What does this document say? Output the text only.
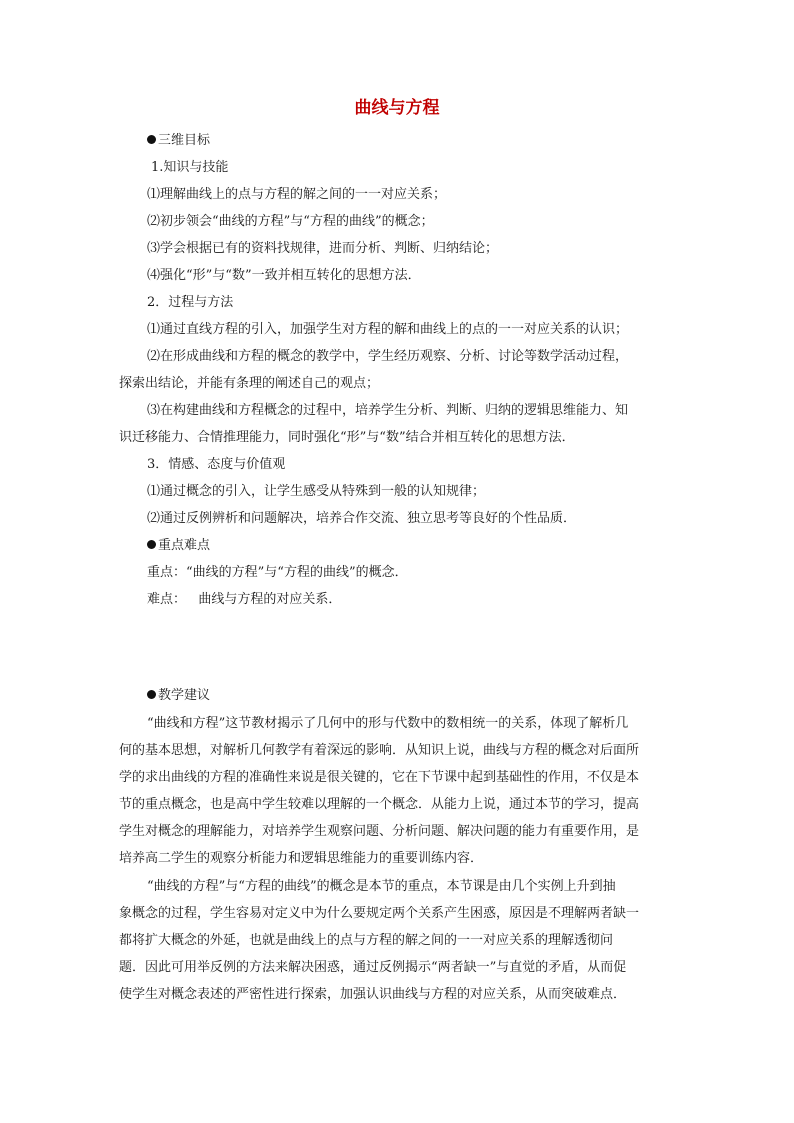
曲线与方程
三维目标
1.知识与技能
⑴理解曲线上的点与方程的解之间的一一对应关系；
⑵初步领会“曲线的方程”与“方程的曲线”的概念；
⑶学会根据已有的资料找规律，进而分析、判断、归纳结论；
⑷强化“形”与“数”一致并相互转化的思想方法．
2．过程与方法
⑴通过直线方程的引入，加强学生对方程的解和曲线上的点的一一对应关系的认识；
⑵在形成曲线和方程的概念的教学中，学生经历观察、分析、讨论等数学活动过程，
探索出结论，并能有条理的阐述自己的观点；
⑶在构建曲线和方程概念的过程中，培养学生分析、判断、归纳的逻辑思维能力、知
识迁移能力、合情推理能力，同时强化“形”与“数”结合并相互转化的思想方法．
3．情感、态度与价值观
⑴通过概念的引入，让学生感受从特殊到一般的认知规律；
⑵通过反例辨析和问题解决，培养合作交流、独立思考等良好的个性品质．
重点难点
重点：“曲线的方程”与“方程的曲线”的概念．
难点：   曲线与方程的对应关系．
教学建议
“曲线和方程”这节教材揭示了几何中的形与代数中的数相统一的关系，体现了解析几
何的基本思想，对解析几何教学有着深远的影响．从知识上说，曲线与方程的概念对后面所
学的求出曲线的方程的准确性来说是很关键的，它在下节课中起到基础性的作用，不仅是本
节的重点概念，也是高中学生较难以理解的一个概念．从能力上说，通过本节的学习，提高
学生对概念的理解能力，对培养学生观察问题、分析问题、解决问题的能力有重要作用，是
培养高二学生的观察分析能力和逻辑思维能力的重要训练内容．
“曲线的方程”与“方程的曲线”的概念是本节的重点，本节课是由几个实例上升到抽
象概念的过程，学生容易对定义中为什么要规定两个关系产生困惑，原因是不理解两者缺一
都将扩大概念的外延，也就是曲线上的点与方程的解之间的一一对应关系的理解透彻问
题．因此可用举反例的方法来解决困惑，通过反例揭示“两者缺一”与直觉的矛盾，从而促
使学生对概念表述的严密性进行探索，加强认识曲线与方程的对应关系，从而突破难点．
